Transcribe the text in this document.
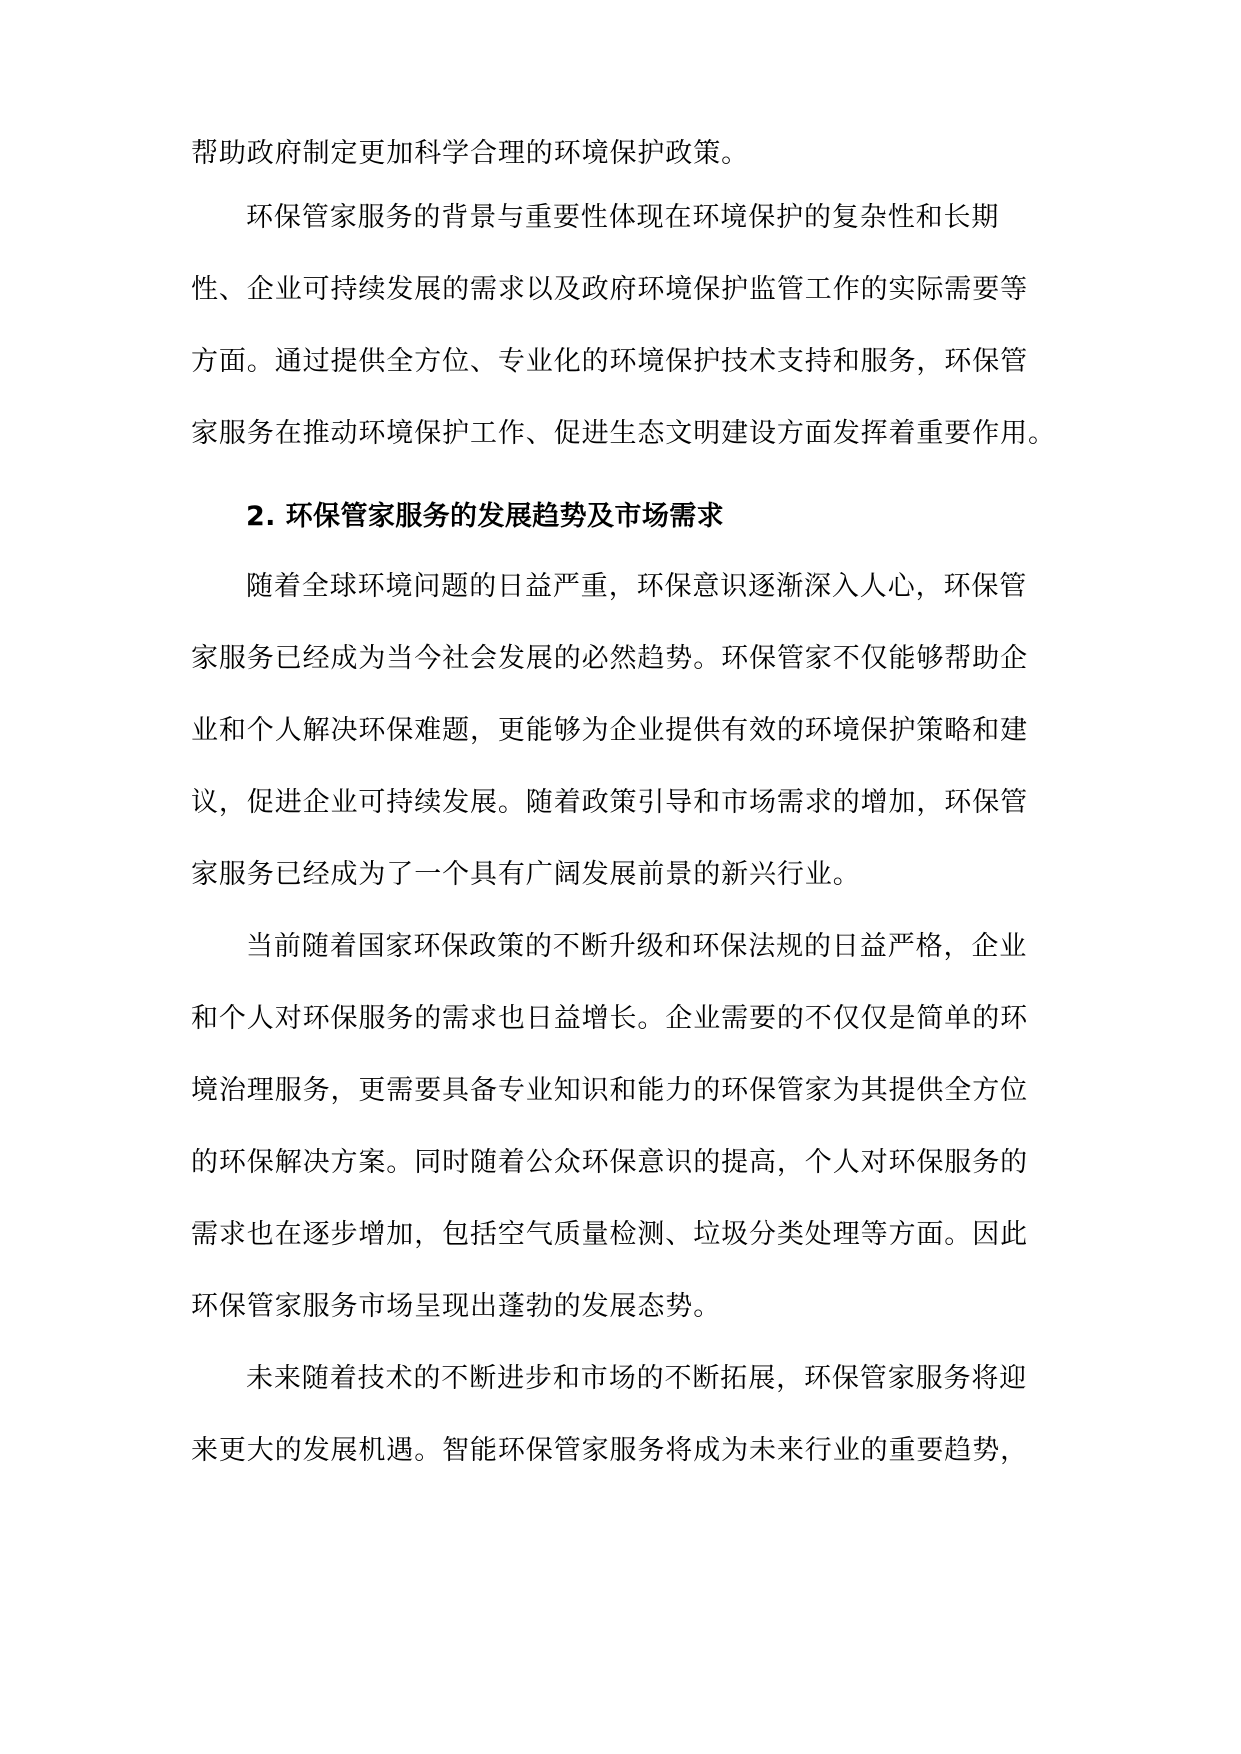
帮助政府制定更加科学合理的环境保护政策。
环保管家服务的背景与重要性体现在环境保护的复杂性和长期
性、企业可持续发展的需求以及政府环境保护监管工作的实际需要等
方面。通过提供全方位、专业化的环境保护技术支持和服务，环保管
家服务在推动环境保护工作、促进生态文明建设方面发挥着重要作用。
2. 环保管家服务的发展趋势及市场需求
随着全球环境问题的日益严重，环保意识逐渐深入人心，环保管
家服务已经成为当今社会发展的必然趋势。环保管家不仅能够帮助企
业和个人解决环保难题，更能够为企业提供有效的环境保护策略和建
议，促进企业可持续发展。随着政策引导和市场需求的增加，环保管
家服务已经成为了一个具有广阔发展前景的新兴行业。
当前随着国家环保政策的不断升级和环保法规的日益严格，企业
和个人对环保服务的需求也日益增长。企业需要的不仅仅是简单的环
境治理服务，更需要具备专业知识和能力的环保管家为其提供全方位
的环保解决方案。同时随着公众环保意识的提高，个人对环保服务的
需求也在逐步增加，包括空气质量检测、垃圾分类处理等方面。因此
环保管家服务市场呈现出蓬勃的发展态势。
未来随着技术的不断进步和市场的不断拓展，环保管家服务将迎
来更大的发展机遇。智能环保管家服务将成为未来行业的重要趋势，
